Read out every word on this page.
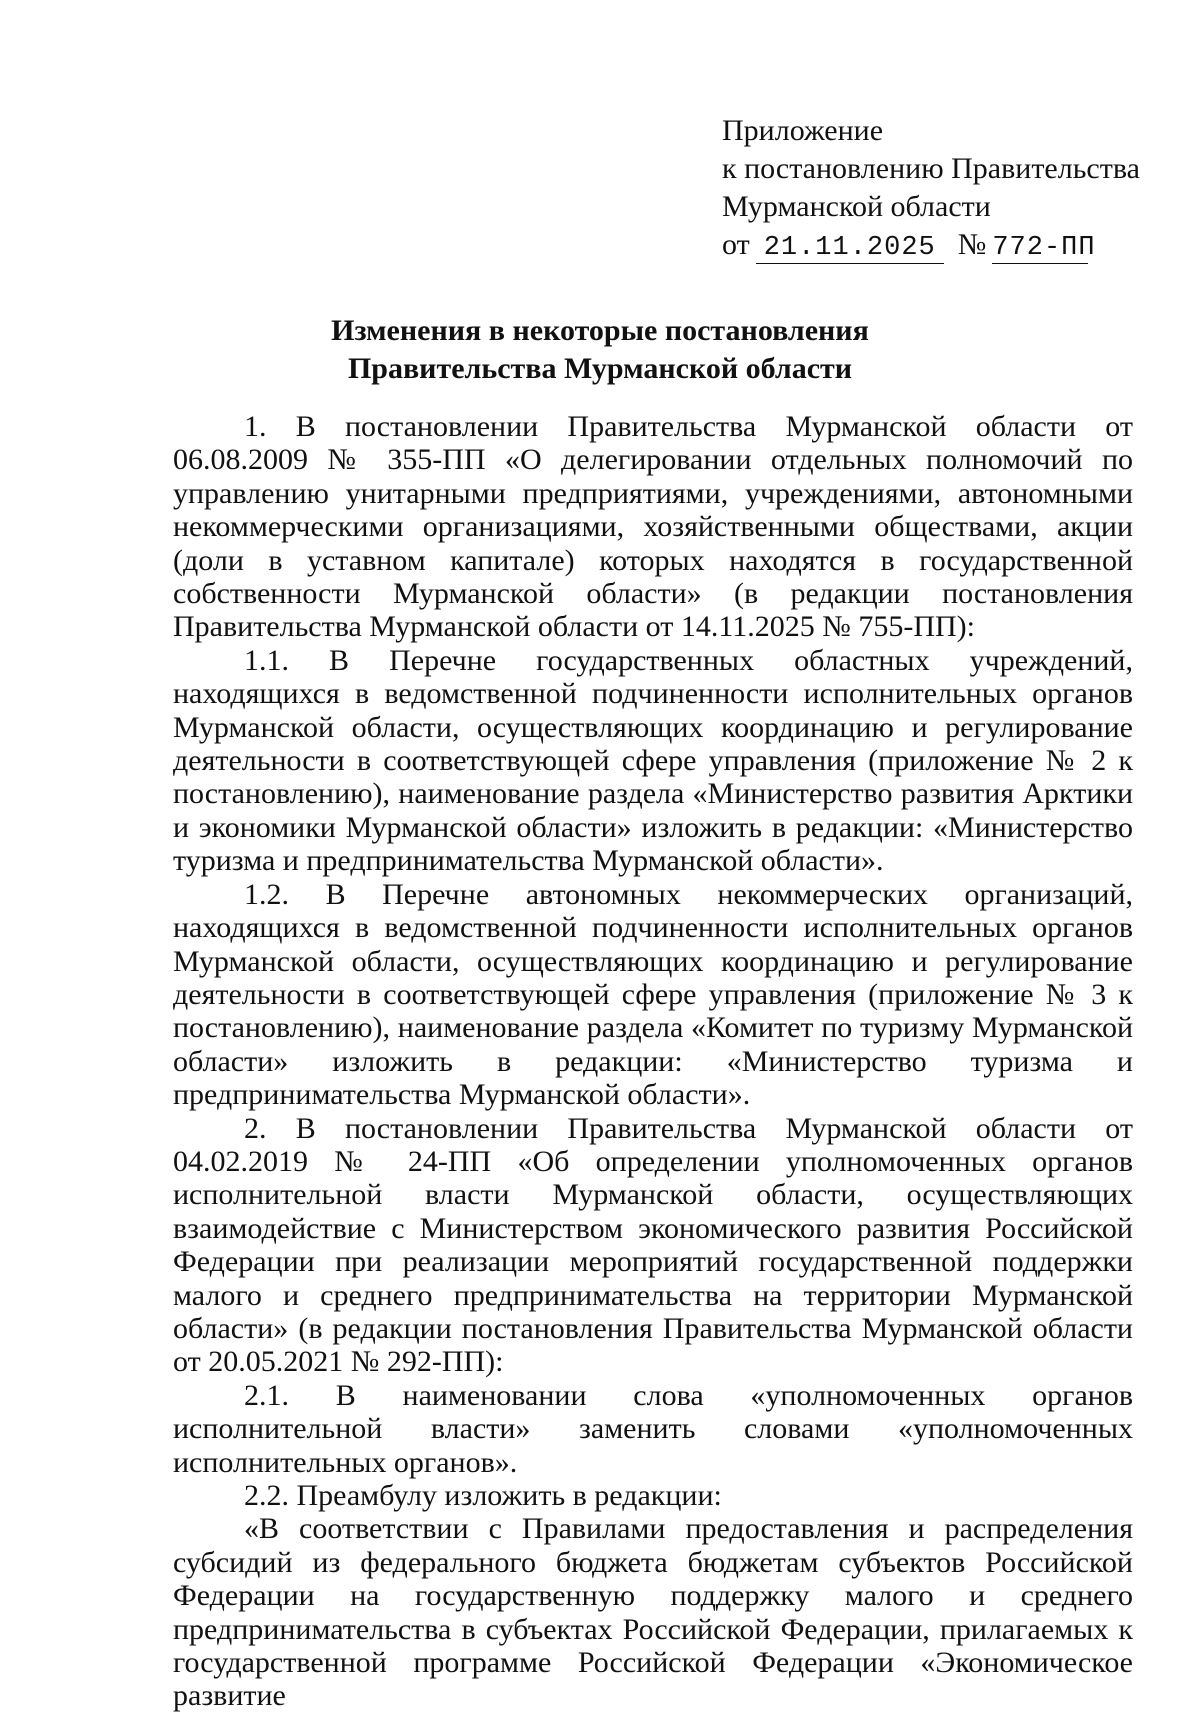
Приложение
к постановлению Правительства
Мурманской области
от 21.11.2025 № 772-ПП
Изменения в некоторые постановления
Правительства Мурманской области

1. В постановлении Правительства Мурманской области от 06.08.2009 № 355-ПП «О делегировании отдельных полномочий по управлению унитарными предприятиями, учреждениями, автономными некоммерческими организациями, хозяйственными обществами, акции (доли в уставном капитале) которых находятся в государственной собственности Мурманской области» (в редакции постановления Правительства Мурманской области от 14.11.2025 № 755-ПП):

1.1. В Перечне государственных областных учреждений, находящихся в ведомственной подчиненности исполнительных органов Мурманской области, осуществляющих координацию и регулирование деятельности в соответствующей сфере управления (приложение № 2 к постановлению), наименование раздела «Министерство развития Арктики и экономики Мурманской области» изложить в редакции: «Министерство туризма и предпринимательства Мурманской области».

1.2. В Перечне автономных некоммерческих организаций, находящихся в ведомственной подчиненности исполнительных органов Мурманской области, осуществляющих координацию и регулирование деятельности в соответствующей сфере управления (приложение № 3 к постановлению), наименование раздела «Комитет по туризму Мурманской области» изложить в редакции: «Министерство туризма и предпринимательства Мурманской области».

2. В постановлении Правительства Мурманской области от 04.02.2019 № 24-ПП «Об определении уполномоченных органов исполнительной власти Мурманской области, осуществляющих взаимодействие с Министерством экономического развития Российской Федерации при реализации мероприятий государственной поддержки малого и среднего предпринимательства на территории Мурманской области» (в редакции постановления Правительства Мурманской области от 20.05.2021 № 292-ПП):

2.1. В наименовании слова «уполномоченных органов исполнительной власти» заменить словами «уполномоченных исполнительных органов».

2.2. Преамбулу изложить в редакции:

«В соответствии с Правилами предоставления и распределения субсидий из федерального бюджета бюджетам субъектов Российской Федерации на государственную поддержку малого и среднего предпринимательства в субъектах Российской Федерации, прилагаемых к государственной программе Российской Федерации «Экономическое развитие
